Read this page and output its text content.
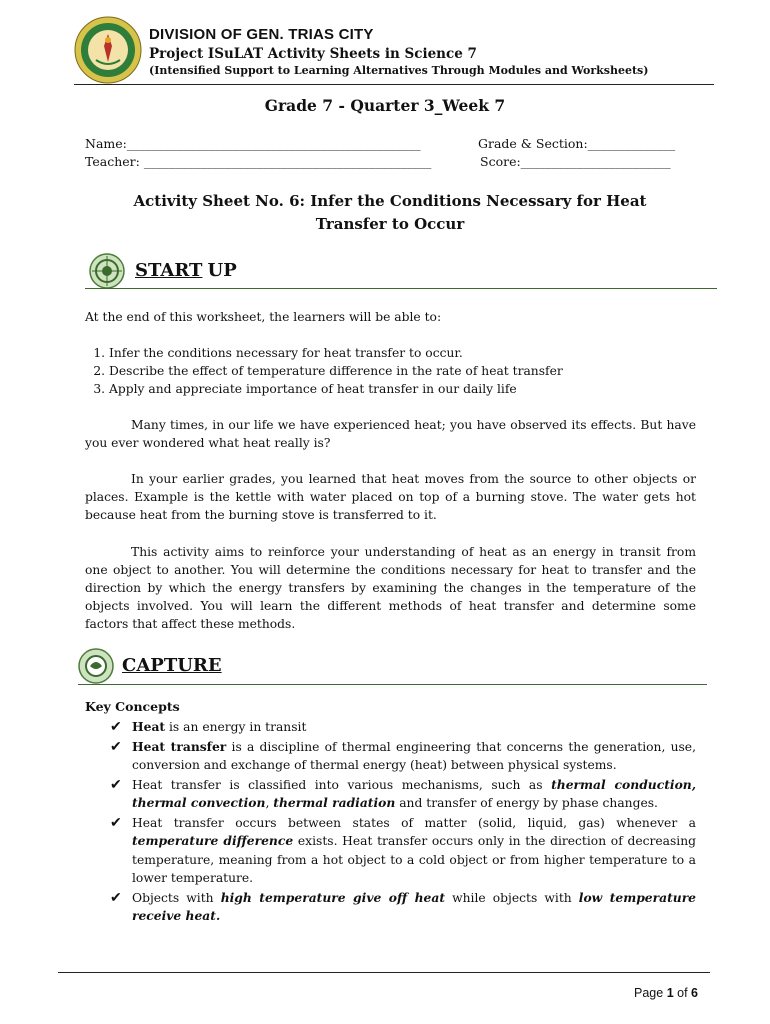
DIVISION OF GEN. TRIAS CITY
Project ISuLAT Activity Sheets in Science 7
(Intensified Support to Learning Alternatives Through Modules and Worksheets)
Grade 7 - Quarter 3_Week 7
Name:_______________________________________________	Grade & Section:______________
Teacher: ______________________________________________	Score:________________________
Activity Sheet No. 6: Infer the Conditions Necessary for Heat
Transfer to Occur
START UP

At the end of this worksheet, the learners will be able to:

1. Infer the conditions necessary for heat transfer to occur.
2. Describe the effect of temperature difference in the rate of heat transfer
3. Apply and appreciate importance of heat transfer in our daily life

Many times, in our life we have experienced heat; you have observed its effects. But have you ever wondered what heat really is?

In your earlier grades, you learned that heat moves from the source to other objects or places. Example is the kettle with water placed on top of a burning stove. The water gets hot because heat from the burning stove is transferred to it.

This activity aims to reinforce your understanding of heat as an energy in transit from one object to another. You will determine the conditions necessary for heat to transfer and the direction by which the energy transfers by examining the changes in the temperature of the objects involved. You will learn the different methods of heat transfer and determine some factors that affect these methods.

CAPTURE
Key Concepts
✔ Heat is an energy in transit
✔ Heat transfer is a discipline of thermal engineering that concerns the generation, use, conversion and exchange of thermal energy (heat) between physical systems.
✔ Heat transfer is classified into various mechanisms, such as thermal conduction, thermal convection, thermal radiation and transfer of energy by phase changes.
✔ Heat transfer occurs between states of matter (solid, liquid, gas) whenever a temperature difference exists. Heat transfer occurs only in the direction of decreasing temperature, meaning from a hot object to a cold object or from higher temperature to a lower temperature.
✔ Objects with high temperature give off heat while objects with low temperature receive heat.
Page 1 of 6
